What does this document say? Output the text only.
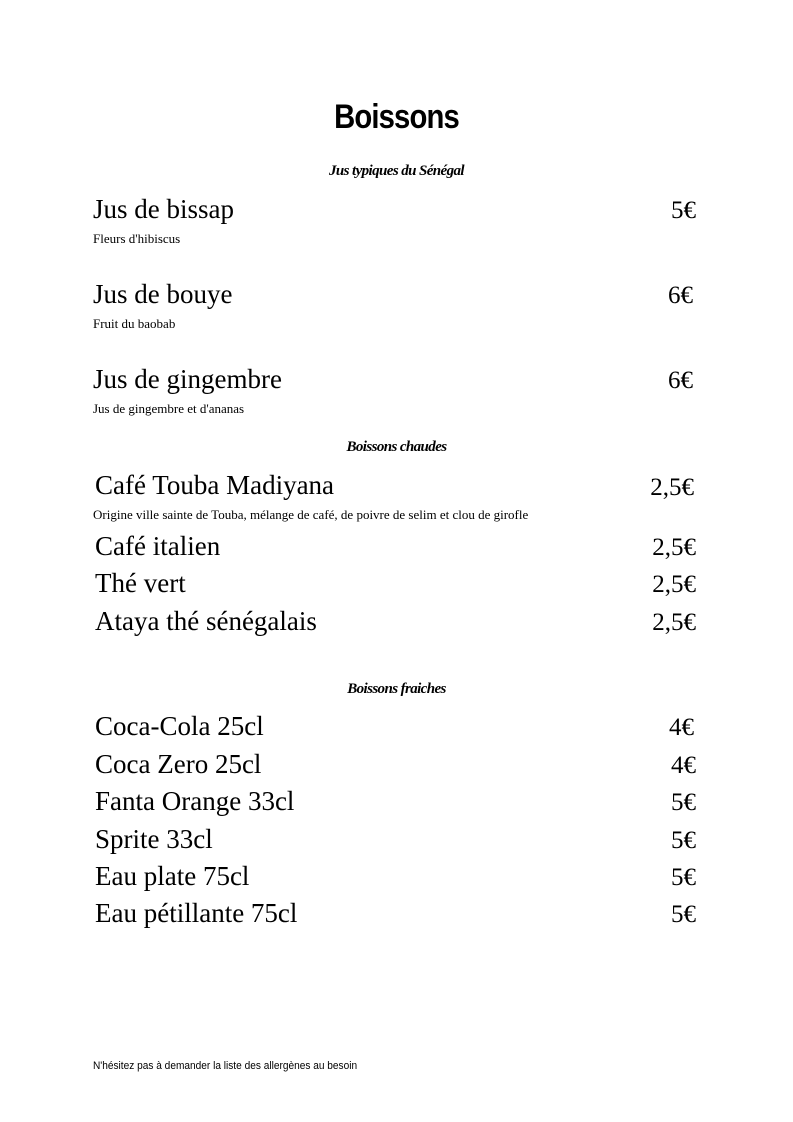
Boissons
Jus typiques du Sénégal
Jus de bissap	5€
Fleurs d'hibiscus
Jus de bouye	6€
Fruit du baobab
Jus de gingembre	6€
Jus de gingembre et d'ananas
Boissons chaudes
Café Touba Madiyana	2,5€
Origine ville sainte de Touba, mélange de café, de poivre de selim et clou de girofle
Café italien	2,5€
Thé vert	2,5€
Ataya thé sénégalais	2,5€
Boissons fraiches
Coca-Cola 25cl	4€
Coca Zero 25cl	4€
Fanta Orange 33cl	5€
Sprite 33cl	5€
Eau plate 75cl	5€
Eau pétillante 75cl	5€
N'hésitez pas à demander la liste des allergènes au besoin
